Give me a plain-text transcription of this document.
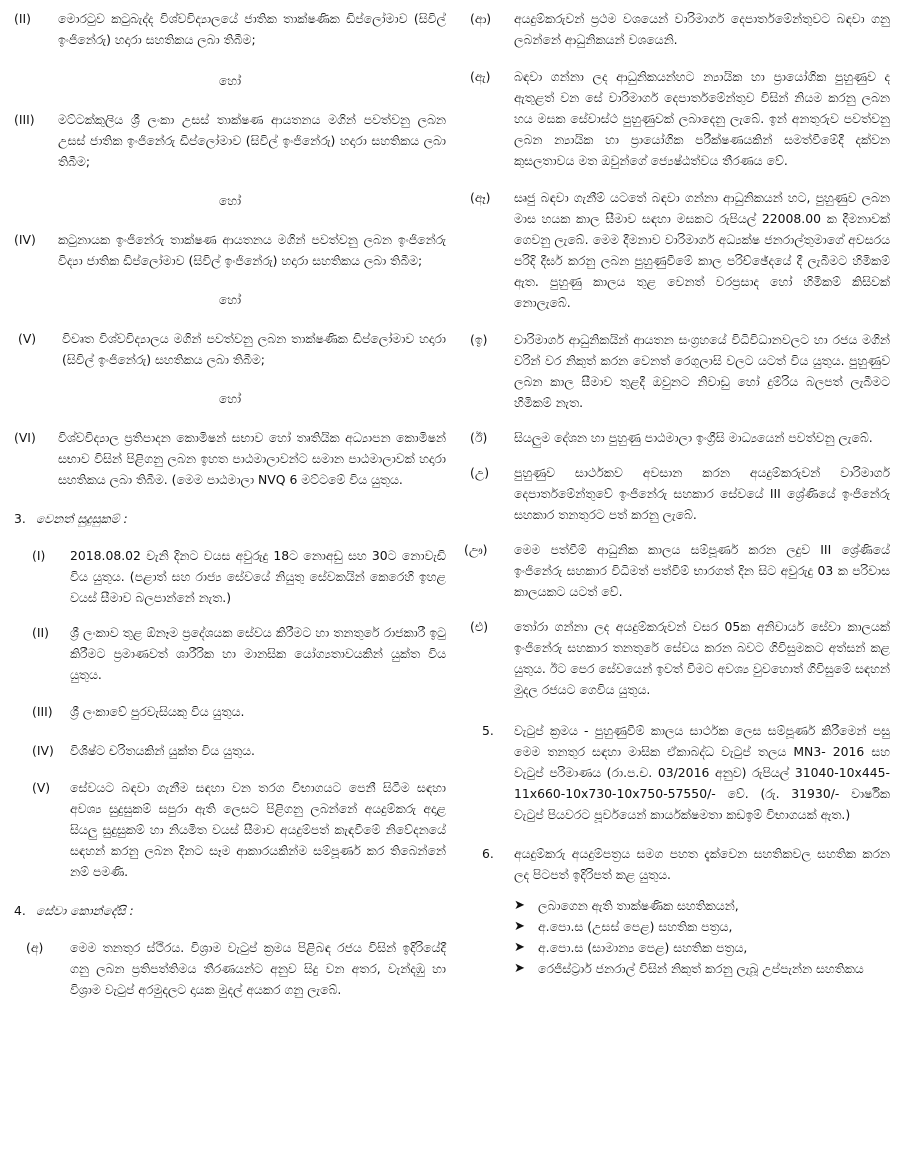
(II)	මොරටුව කටුබැද්ද විශ්වවිද්‍යාලයේ ජාතික තාක්ෂණික ඩිප්ලෝමාව (සිවිල් ඉංජිනේරු) හදාරා සහතිකය ලබා තිබීම;
හෝ
(III)	මට්ටක්කුලිය ශ්‍රී ලංකා උසස් තාක්ෂණ ආයතනය මගින් පවත්වනු ලබන උසස් ජාතික ඉංජිනේරු ඩිප්ලෝමාව (සිවිල් ඉංජිනේරු) හදාරා සහතිකය ලබා තිබීම;
හෝ
(IV)	කටුනායක ඉංජිනේරු තාක්ෂණ ආයතනය මගින් පවත්වනු ලබන ඉංජිනේරු විද්‍යා ජාතික ඩිප්ලෝමාව (සිවිල් ඉංජිනේරු) හදාරා සහතිකය ලබා තිබීම;
හෝ
(V)	විවෘත විශ්වවිද්‍යාලය මගින් පවත්වනු ලබන තාක්ෂණික ඩිප්ලෝමාව හදාරා (සිවිල් ඉංජිනේරු) සහතිකය ලබා තිබීම;
හෝ
(VI)	විශ්වවිද්‍යාල ප්‍රතිපාදන කොමිෂන් සභාව හෝ තෘතියික අධ්‍යාපන කොමිෂන් සභාව විසින් පිළිගනු ලබන ඉහත පාඨමාලාවන්ට සමාන පාඨමාලාවක් හදාරා සහතිකය ලබා තිබීම. (මෙම පාඨමාලා NVQ 6 මට්ටමේ විය යුතුය.
3. වෙනත් සුදුසුකම් :
(I)	2018.08.02 වැනි දිනට වයස අවුරුදු 18ට නොඅඩු සහ 30ට නොවැඩි විය යුතුය. (පළාත් සහ රාජ්‍ය සේවයේ නියුතු සේවකයින් කෙරෙහි ඉහළ වයස් සීමාව බලපාන්නේ නැත.)
(II)	ශ්‍රී ලංකාව තුළ ඕනෑම ප්‍රදේශයක සේවය කිරීමට හා තනතුරේ රාජකාරී ඉටු කිරීමට ප්‍රමාණවත් ශාරීරික හා මානසික යෝග්‍යතාවයකින් යුක්ත විය යුතුය.
(III)	ශ්‍රී ලංකාවේ පුරවැසියකු විය යුතුය.
(IV)	විශිෂ්ට චරිතයකින් යුක්ත විය යුතුය.
(V)	සේවයට බඳවා ගැනීම සඳහා වන තරග විභාගයට පෙනී සිටීම සඳහා අවශ්‍ය සුදුසුකම් සපුරා ඇති ලෙසට පිළිගනු ලබන්නේ අයදුම්කරු අදාළ සියලු සුදුසුකම් හා නියමිත වයස් සීමාව අයදුම්පත් කැඳවීමේ නිවේදනයේ සඳහන් කරනු ලබන දිනට සෑම ආකාරයකින්ම සම්පූර්ණ කර තිබෙන්නේ නම් පමණි.
4. සේවා කොන්දේසි :
(අ)	මෙම තනතුර ස්ථිරය. විශ්‍රාම වැටුප් ක්‍රමය පිළිබඳ රජය විසින් ඉදිරියේදී ගනු ලබන ප්‍රතිපත්තිමය තීරණයන්ට අනුව සිදු වන අතර, වැන්දඹු හා විශ්‍රාම වැටුප් අරමුදලට දායක මුදල් අයකර ගනු ලැබේ.
(ආ)	අයදුම්කරුවන් ප්‍රථම වශයෙන් වාරිමාර්ග දෙපාර්තමේන්තුවට බඳවා ගනු ලබන්නේ ආධුනිකයන් වශයෙනි.
(ඇ)	බඳවා ගන්නා ලද ආධුනිකයන්හට න්‍යායික හා ප්‍රායෝගික පුහුණුව ද ඇතුළත් වන සේ වාරිමාර්ග දෙපාර්තමේන්තුව විසින් නියම කරනු ලබන හය මසක සේවාස්ථ පුහුණුවක් ලබාදෙනු ලැබේ. ඉන් අනතුරුව පවත්වනු ලබන න්‍යායික හා ප්‍රායෝගික පරීක්ෂණයකින් සමත්වීමේදී දක්වන කුසලතාවය මත ඔවුන්ගේ ජ්‍යෙෂ්ඨත්වය තීරණය වේ.
(ඈ)	සෘජු බඳවා ගැනීම් යටතේ බඳවා ගන්නා ආධුනිකයන් හට, පුහුණුව ලබන මාස හයක කාල සීමාව සඳහා මසකට රුපියල් 22008.00 ක දීමනාවක් ගෙවනු ලැබේ. මෙම දීමනාව වාරිමාර්ග අධ්‍යක්ෂ ජනරාල්තුමාගේ අවසරය පරිදි දීර්ඝ කරනු ලබන පුහුණුවීමේ කාල පරිච්ඡේදයේ දී ලැබීමට හිමිකම් ඇත. පුහුණු කාලය තුළ වෙනත් වරප්‍රසාද හෝ හිමිකම් කිසිවක් නොලැබේ.
(ඉ)	වාරිමාර්ග ආධුනිකයින් ආයතන සංග්‍රහයේ විධිවිධානවලට හා රජය මගින් වරින් වර නිකුත් කරන වෙනත් රෙගුලාසි වලට යටත් විය යුතුය. පුහුණුව ලබන කාල සීමාව තුළදී ඔවුනට නිවාඩු හෝ දුම්රිය බලපත් ලැබීමට හිමිකම් නැත.
(ඊ)	සියලුම දේශන හා පුහුණු පාඨමාලා ඉංග්‍රීසි මාධ්‍යයෙන් පවත්වනු ලැබේ.
(උ)	පුහුණුව සාර්ථකව අවසාන කරන අයදුම්කරුවන් වාරිමාර්ග දෙපාර්තමේන්තුවේ ඉංජිනේරු සහකාර සේවයේ III ශ්‍රේණියේ ඉංජිනේරු සහකාර තනතුරට පත් කරනු ලැබේ.
(ඌ)	මෙම පත්වීම් ආධුනික කාලය සම්පූර්ණ කරන ලදුව III ශ්‍රේණියේ ඉංජිනේරු සහකාර විධිමත් පත්වීම් භාරගත් දින සිට අවුරුදු 03 ක පරිවාස කාලයකට යටත් වේ.
(එ)	තෝරා ගන්නා ලද අයදුම්කරුවන් වසර 05ක අනිවාර්ය සේවා කාලයක් ඉංජිනේරු සහකාර තනතුරේ සේවය කරන බවට ගිවිසුමකට අත්සන් කළ යුතුය. ඊට පෙර සේවයෙන් ඉවත් වීමට අවශ්‍ය වුවහොත් ගිවිසුමේ සඳහන් මුදල රජයට ගෙවිය යුතුය.
5.	වැටුප් ක්‍රමය - පුහුණුවීම් කාලය සාර්ථක ලෙස සම්පූර්ණ කිරීමෙන් පසු මෙම තනතුර සඳහා මාසික ඒකාබද්ධ වැටුප් තලය MN3- 2016 සහ වැටුප් පරිමාණය (රා.ප.ච. 03/2016 අනුව) රුපියල් 31040-10x445-11x660-10x730-10x750-57550/- වේ. (රු. 31930/- වාර්ෂික වැටුප් පියවරට පූර්වයෙන් කාර්යක්ෂමතා කඩඉම් විභාගයක් ඇත.)
6.	අයදුම්කරු අයදුම්පත්‍රය සමග පහත දැක්වෙන සහතිකවල සහතික කරන ලද පිටපත් ඉදිරිපත් කළ යුතුය.
➤	ලබාගෙන ඇති තාක්ෂණික සහතිකයන්,
➤	අ.පො.ස (උසස් පෙළ) සහතික පත්‍රය,
➤	අ.පො.ස (සාමාන්‍ය පෙළ) සහතික පත්‍රය,
➤	රෙජිස්ට්‍රාර් ජනරාල් විසින් නිකුත් කරනු ලැබූ උප්පැන්න සහතිකය
